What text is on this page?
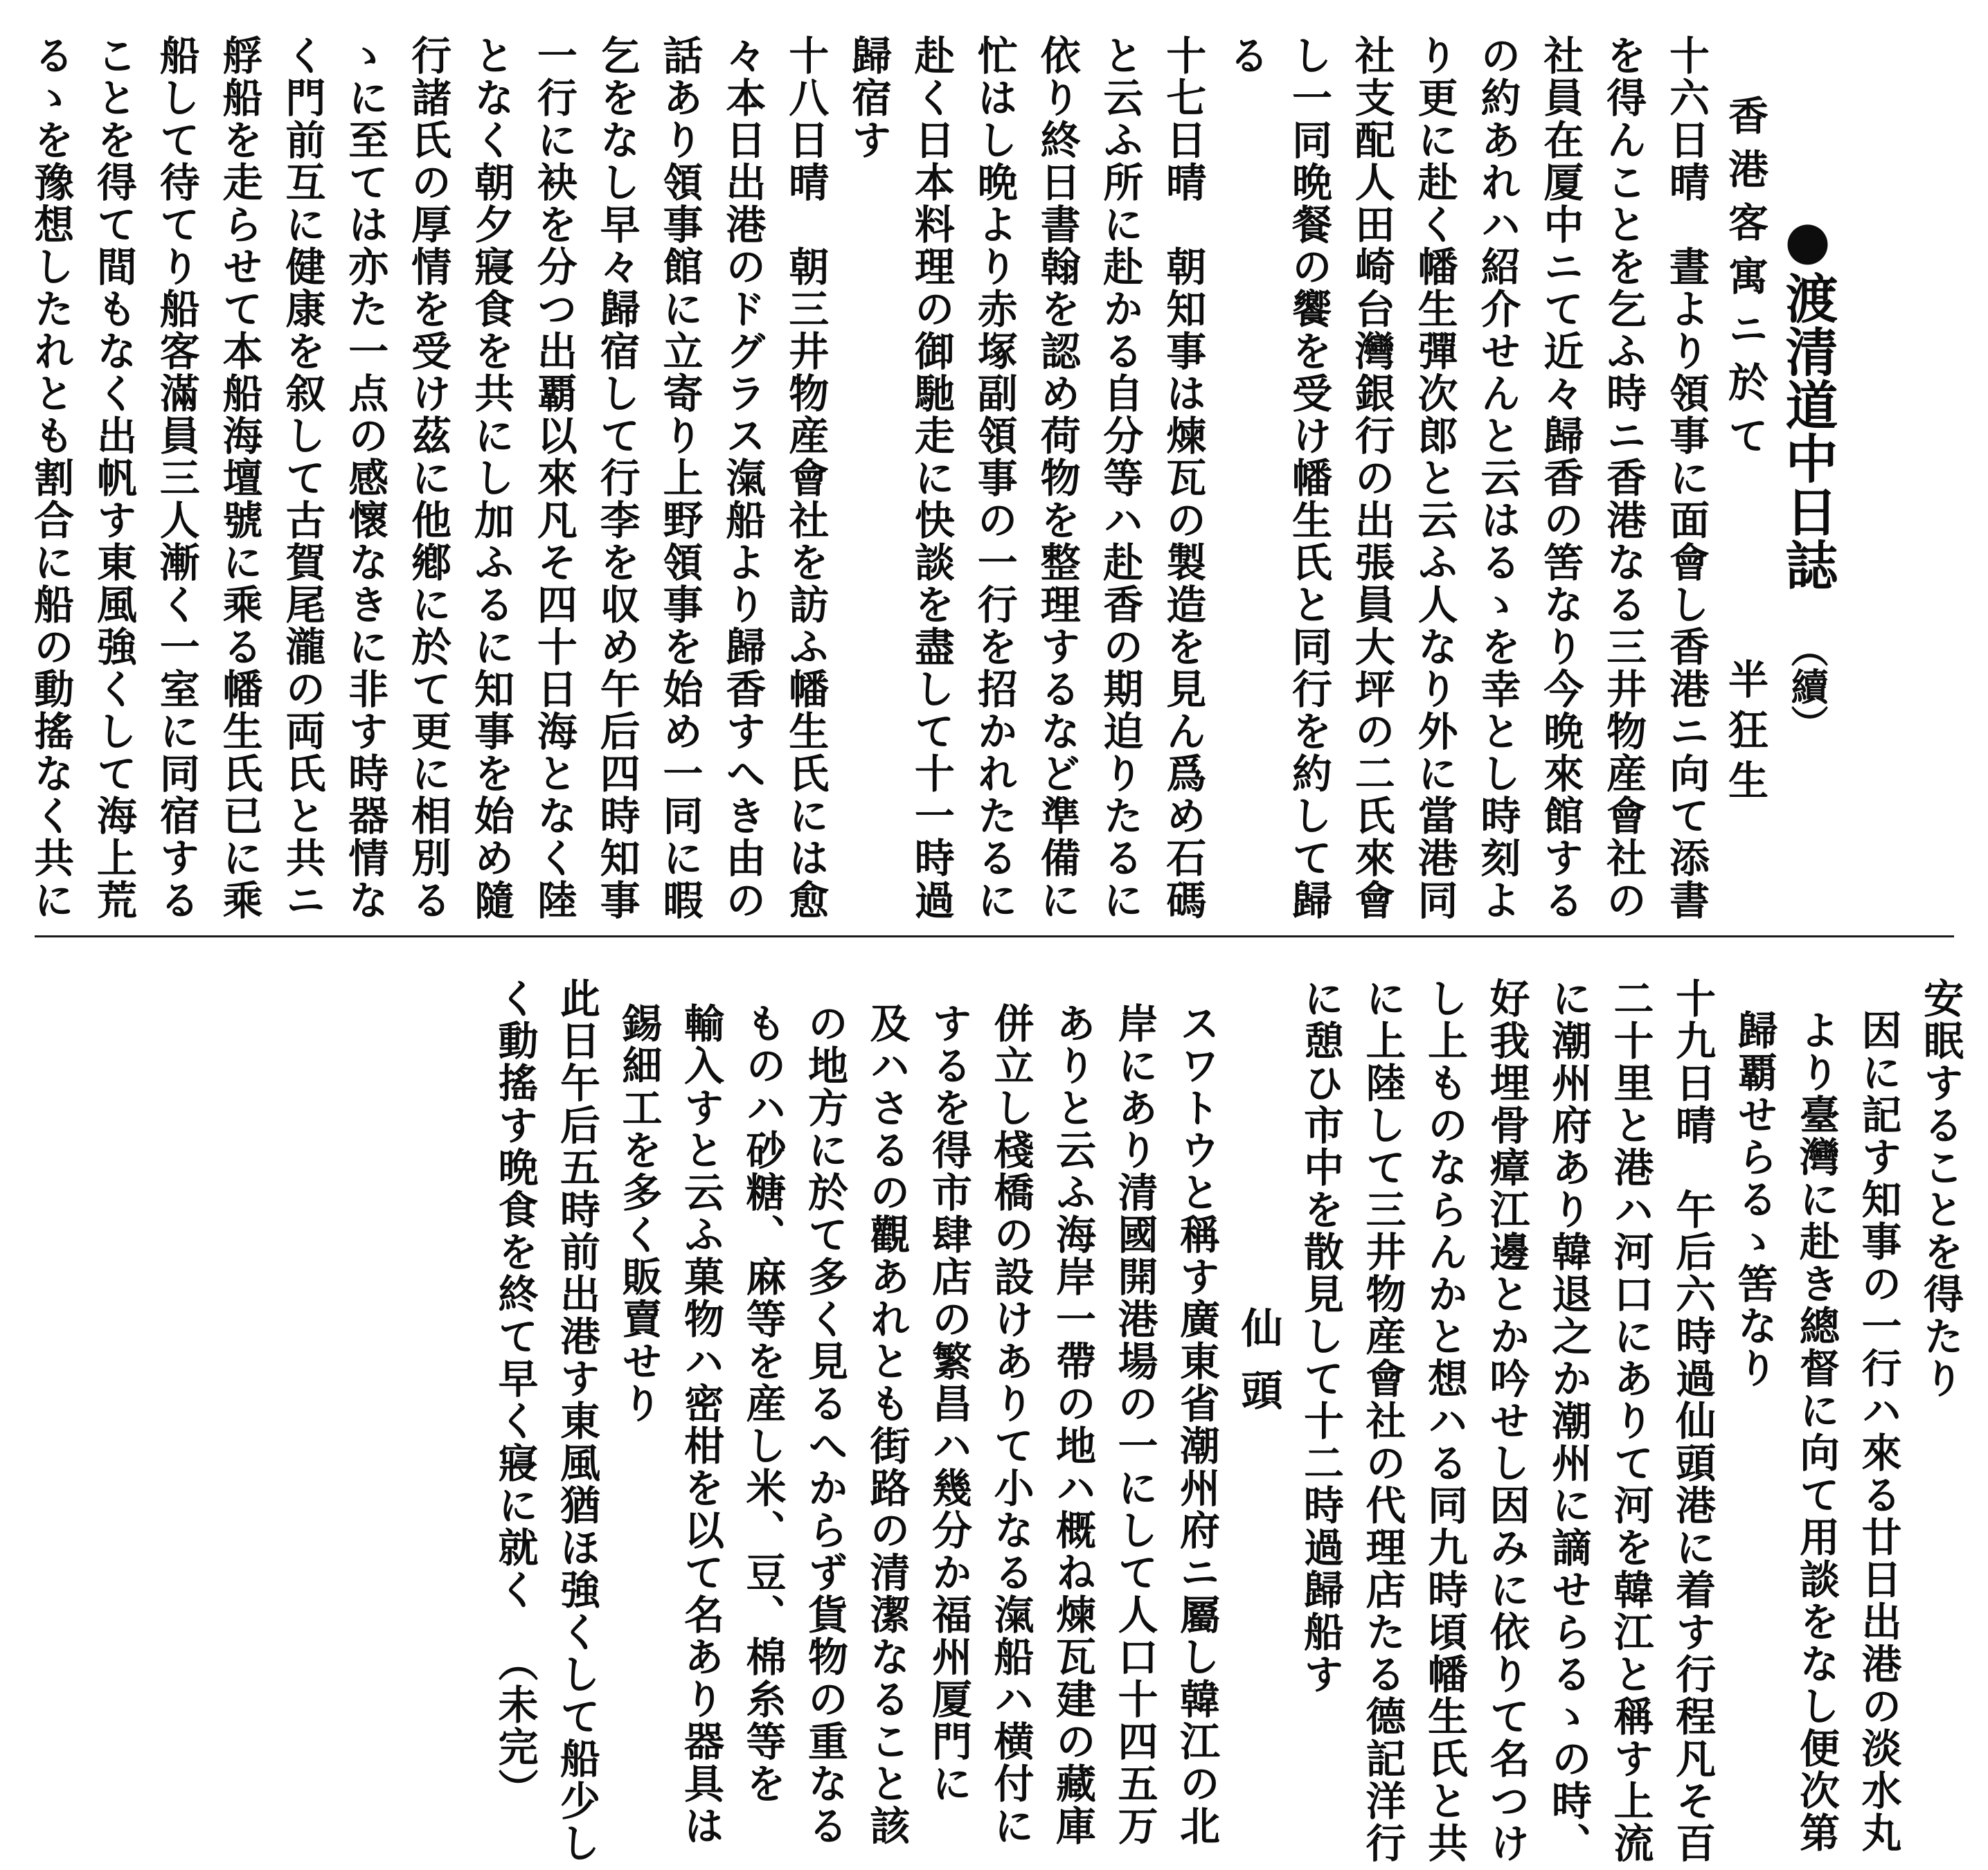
●渡清道中日誌（續）
香港客寓ニ於て半狂生
十六日晴　晝より領事に面會し香港ニ向て添書
を得んことを乞ふ時ニ香港なる三井物産會社の
社員在厦中ニて近々歸香の筈なり今晩來館する
の約あれハ紹介せんと云はるゝを幸とし時刻よ
り更に赴く幡生彈次郎と云ふ人なり外に當港同
社支配人田崎台灣銀行の出張員大坪の二氏來會
し一同晩餐の饗を受け幡生氏と同行を約して歸
る
十七日晴　朝知事は煉瓦の製造を見ん爲め石碼
と云ふ所に赴かる自分等ハ赴香の期迫りたるに
依り終日書翰を認め荷物を整理するなど準備に
忙はし晩より赤塚副領事の一行を招かれたるに
赴く日本料理の御馳走に快談を盡して十一時過
歸宿す
十八日晴　朝三井物産會社を訪ふ幡生氏には愈
々本日出港のドグラス滊船より歸香すへき由の
話あり領事館に立寄り上野領事を始め一同に暇
乞をなし早々歸宿して行李を収め午后四時知事
一行に袂を分つ出覇以來凡そ四十日海となく陸
となく朝夕寢食を共にし加ふるに知事を始め隨
行諸氏の厚情を受け茲に他鄕に於て更に相別る
ゝに至ては亦た一点の感懷なきに非す時器情な
く門前互に健康を叙して古賀尾瀧の両氏と共ニ
艀船を走らせて本船海壇號に乘る幡生氏已に乘
船して待てり船客滿員三人漸く一室に同宿する
ことを得て間もなく出帆す東風強くして海上荒
るゝを豫想したれとも割合に船の動搖なく共に
安眠することを得たり
因に記す知事の一行ハ來る廿日出港の淡水丸
より臺灣に赴き總督に向て用談をなし便次第
歸覇せらるゝ筈なり
十九日晴　午后六時過仙頭港に着す行程凡そ百
二十里と港ハ河口にありて河を韓江と稱す上流
に潮州府あり韓退之か潮州に謫せらるゝの時、
好我埋骨瘴江邊とか吟せし因みに依りて名つけ
し上ものならんかと想ハる同九時頃幡生氏と共
に上陸して三井物産會社の代理店たる德記洋行
に憩ひ市中を散見して十二時過歸船す
仙頭
スワトウと稱す廣東省潮州府ニ屬し韓江の北
岸にあり清國開港場の一にして人口十四五万
ありと云ふ海岸一帶の地ハ概ね煉瓦建の藏庫
併立し棧橋の設けありて小なる滊船ハ横付に
するを得市肆店の繁昌ハ幾分か福州厦門に
及ハさるの觀あれとも街路の清潔なること該
の地方に於て多く見るへからず貨物の重なる
ものハ砂糖、麻等を産し米、豆、棉糸等を
輸入すと云ふ菓物ハ密柑を以て名あり器具は
錫細工を多く販賣せり
此日午后五時前出港す東風猶ほ強くして船少し
く動搖す晩食を終て早く寢に就く（未完）
